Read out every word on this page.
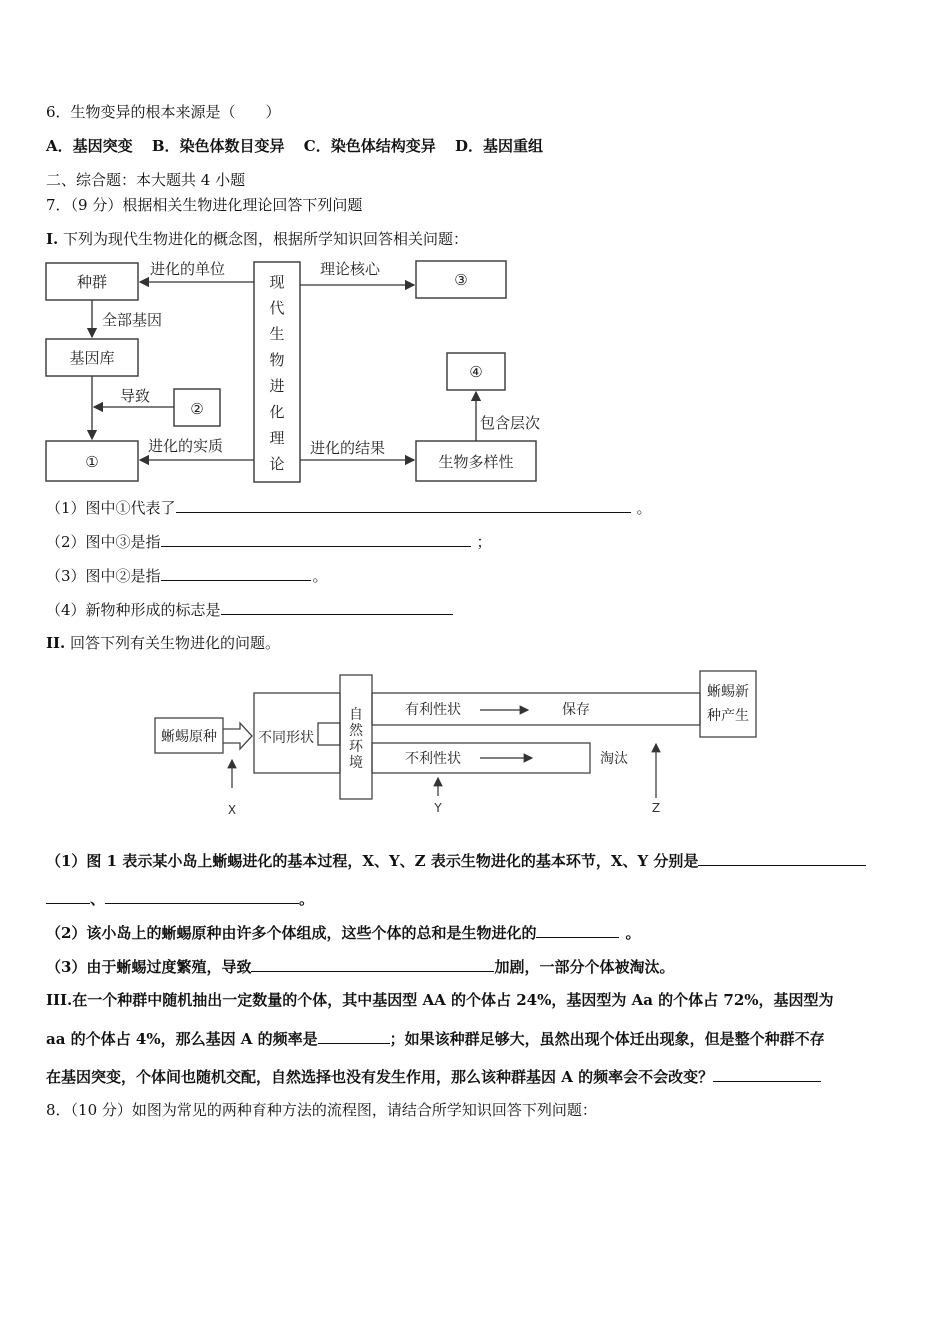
6．生物变异的根本来源是（　　）
A．基因突变 B．染色体数目变异 C．染色体结构变异 D．基因重组
二、综合题：本大题共 4 小题
7．（9 分）根据相关生物进化理论回答下列问题
I. 下列为现代生物进化的概念图，根据所学知识回答相关问题：
种群
进化的单位
全部基因
基因库
导致
②
①
进化的实质
现
代
生
物
进
化
理
论
理论核心
③
④
包含层次
进化的结果
生物多样性
（1）图中①代表了	。
（2）图中③是指	；
（3）图中②是指	。
（4）新物种形成的标志是
II. 回答下列有关生物进化的问题。
蜥蜴原种	不同形状
自
然
环
境
有利性状	保存
不利性状	淘汰
蜥蜴新
种产生
X	Y	Z
（1）图 1 表示某小岛上蜥蜴进化的基本过程，X、Y、Z 表示生物进化的基本环节，X、Y 分别是
、	。
（2）该小岛上的蜥蜴原种由许多个体组成，这些个体的总和是生物进化的	。
（3）由于蜥蜴过度繁殖，导致	加剧，一部分个体被淘汰。
III.在一个种群中随机抽出一定数量的个体，其中基因型 AA 的个体占 24%，基因型为 Aa 的个体占 72%，基因型为
aa 的个体占 4%，那么基因 A 的频率是	；如果该种群足够大，虽然出现个体迁出现象，但是整个种群不存
在基因突变，个体间也随机交配，自然选择也没有发生作用，那么该种群基因 A 的频率会不会改变？
8．（10 分）如图为常见的两种育种方法的流程图，请结合所学知识回答下列问题：
